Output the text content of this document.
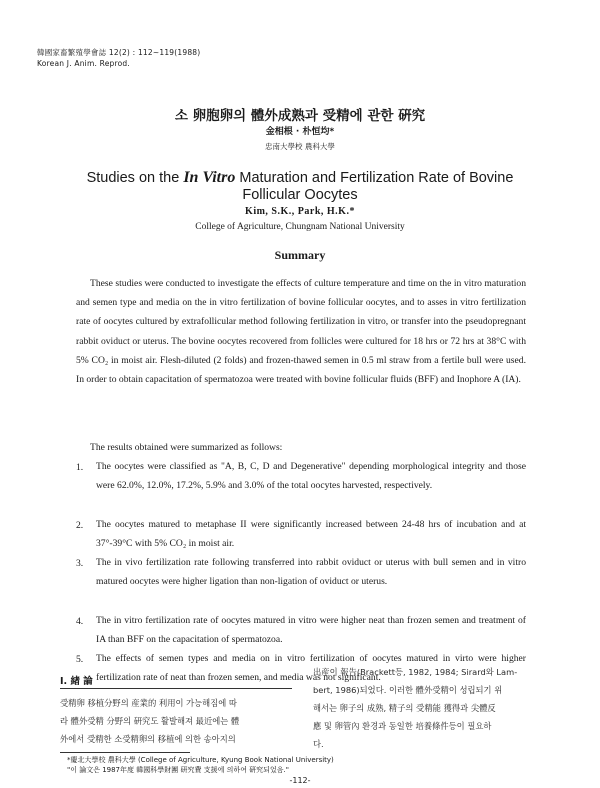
韓國家畜繁殖學會誌 12(2) : 112~119(1988)
Korean J. Anim. Reprod.
소 卵胞卵의 體外成熟과 受精에 관한 硏究
金相根 · 朴恒均*
忠南大學校 農科大學
Studies on the In Vitro Maturation and Fertilization Rate of Bovine
Follicular Oocytes
Kim, S.K., Park, H.K.*
College of Agriculture, Chungnam National University
Summary
These studies were conducted to investigate the effects of culture temperature and time on the in vitro maturation and semen type and media on the in vitro fertilization of bovine follicular oocytes, and to asses in vitro fertilization rate of oocytes cultured by extrafollicular method following fertilization in vitro, or transfer into the pseudopregnant rabbit oviduct or uterus. The bovine oocytes recovered from follicles were cultured for 18 hrs or 72 hrs at 38°C with 5% CO₂ in moist air. Flesh-diluted (2 folds) and frozen-thawed semen in 0.5 ml straw from a fertile bull were used. In order to obtain capacitation of spermatozoa were treated with bovine follicular fluids (BFF) and Inophore A (IA).
The results obtained were summarized as follows:
1. The oocytes were classified as "A, B, C, D and Degenerative" depending morphological integrity and those were 62.0%, 12.0%, 17.2%, 5.9% and 3.0% of the total oocytes harvested, respectively.
2. The oocytes matured to metaphase II were significantly increased between 24-48 hrs of incubation and at 37°-39°C with 5% CO₂ in moist air.
3. The in vivo fertilization rate following transferred into rabbit oviduct or uterus with bull semen and in vitro matured oocytes were higher ligation than non-ligation of oviduct or uterus.
4. The in vitro fertilization rate of oocytes matured in vitro were higher neat than frozen semen and treatment of IA than BFF on the capacitation of spermatozoa.
5. The effects of semen types and media on in vitro fertilization of oocytes matured in virto were higher fertilization rate of neat than frozen semen, and media was not significant.
Ⅰ. 緖 論
受精卵 移植分野의 産業的 利用이 가능해짐에 따
라 體外受精 分野의 硏究도 활발해져 最近에는 體
外에서 受精한 소受精卵의 移植에 의한 송아지의
出産이 報告(Brackett등, 1982, 1984; Sirard와 Lam-
bert, 1986)되었다. 이러한 體外受精이 성립되기 위
해서는 卵子의 成熟, 精子의 受精能 獲得과 尖體反
應 및 卵管內 환경과 동일한 培養條件등이 필요하
다.
*慶北大學校 農科大學 (College of Agriculture, Kyung Book National University)
"이 論文은 1987年度 韓國科學財團 硏究費 支援에 의하여 硏究되었음."
-112-
